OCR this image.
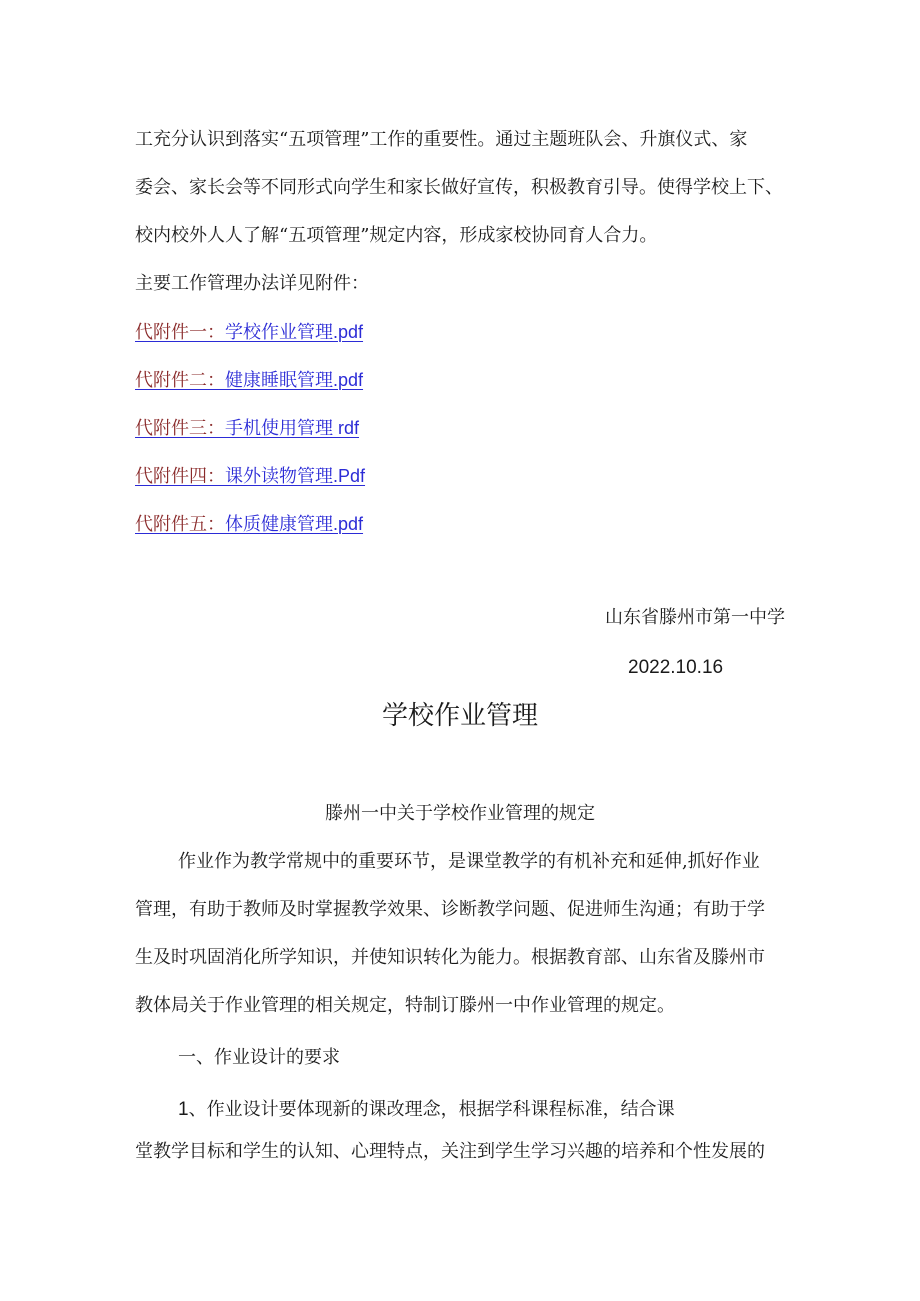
工充分认识到落实“五项管理”工作的重要性。通过主题班队会、升旗仪式、家
委会、家长会等不同形式向学生和家长做好宣传，积极教育引导。使得学校上下、
校内校外人人了解“五项管理”规定内容，形成家校协同育人合力。
主要工作管理办法详见附件：
代附件一：学校作业管理.pdf
代附件二：健康睡眠管理.pdf
代附件三：手机使用管理 rdf
代附件四：课外读物管理.Pdf
代附件五：体质健康管理.pdf
山东省滕州市第一中学
2022.10.16
学校作业管理
滕州一中关于学校作业管理的规定
作业作为教学常规中的重要环节，是课堂教学的有机补充和延伸,抓好作业
管理，有助于教师及时掌握教学效果、诊断教学问题、促进师生沟通；有助于学
生及时巩固消化所学知识，并使知识转化为能力。根据教育部、山东省及滕州市
教体局关于作业管理的相关规定，特制订滕州一中作业管理的规定。
一、作业设计的要求
1、作业设计要体现新的课改理念，根据学科课程标准，结合课
堂教学目标和学生的认知、心理特点，关注到学生学习兴趣的培养和个性发展的
